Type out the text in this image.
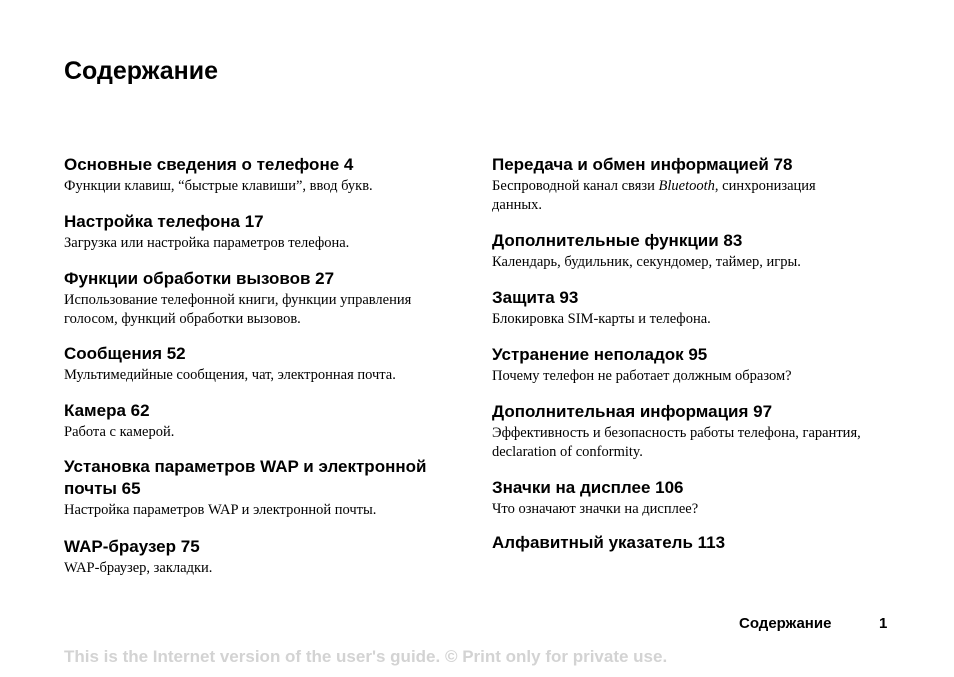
Содержание
Основные сведения о телефоне 4
Функции клавиш, “быстрые клавиши”, ввод букв.
Настройка телефона 17
Загрузка или настройка параметров телефона.
Функции обработки вызовов 27
Использование телефонной книги, функции управления голосом, функций обработки вызовов.
Сообщения 52
Мультимедийные сообщения, чат, электронная почта.
Камера 62
Работа с камерой.
Установка параметров WAP и электронной почты 65
Настройка параметров WAP и электронной почты.
WAP-браузер 75
WAP-браузер, закладки.
Передача и обмен информацией 78
Беспроводной канал связи Bluetooth, синхронизация данных.
Дополнительные функции 83
Календарь, будильник, секундомер, таймер, игры.
Защита 93
Блокировка SIM-карты и телефона.
Устранение неполадок 95
Почему телефон не работает должным образом?
Дополнительная информация 97
Эффективность и безопасность работы телефона, гарантия, declaration of conformity.
Значки на дисплее 106
Что означают значки на дисплее?
Алфавитный указатель 113
Содержание	1
This is the Internet version of the user's guide. © Print only for private use.
